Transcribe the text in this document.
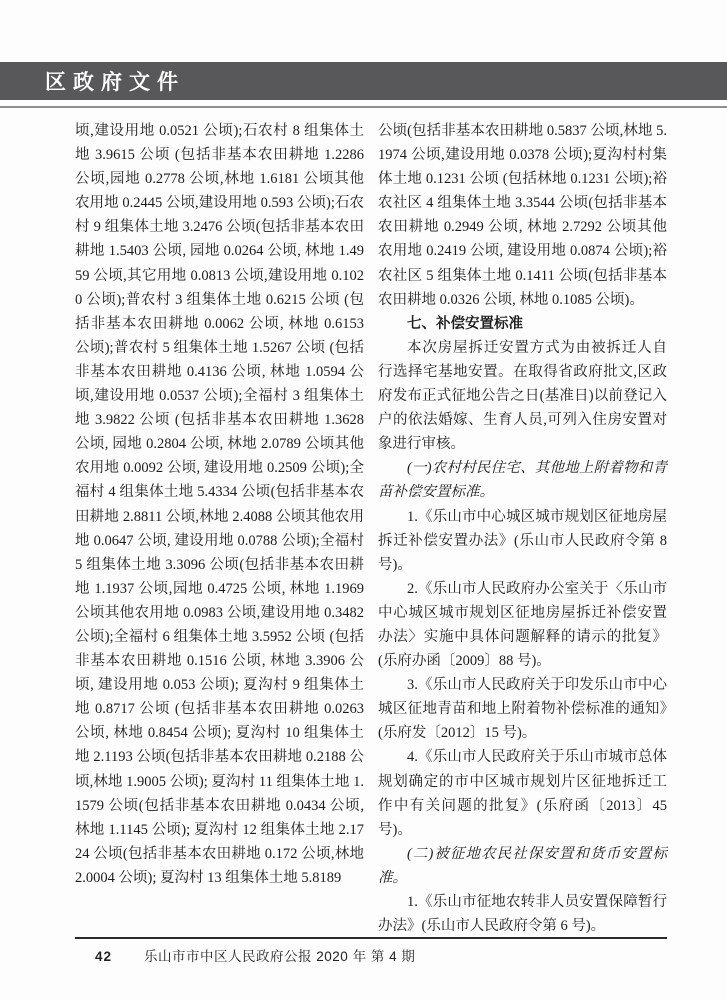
区政府文件

顷,建设用地 0.0521 公顷);石农村 8 组集体土地 3.9615 公顷 (包括非基本农田耕地 1.2286 公顷,园地 0.2778 公顷,林地 1.6181 公顷其他农用地 0.2445 公顷,建设用地 0.593 公顷);石农村 9 组集体土地 3.2476 公顷(包括非基本农田耕地 1.5403 公顷, 园地 0.0264 公顷, 林地 1.4959 公顷,其它用地 0.0813 公顷,建设用地 0.1020 公顷);普农村 3 组集体土地 0.6215 公顷 (包括非基本农田耕地 0.0062 公顷, 林地 0.6153 公顷);普农村 5 组集体土地 1.5267 公顷 (包括非基本农田耕地 0.4136 公顷, 林地 1.0594 公顷,建设用地 0.0537 公顷);全福村 3 组集体土地 3.9822 公顷 (包括非基本农田耕地 1.3628 公顷, 园地 0.2804 公顷, 林地 2.0789 公顷其他农用地 0.0092 公顷, 建设用地 0.2509 公顷);全福村 4 组集体土地 5.4334 公顷(包括非基本农田耕地 2.8811 公顷,林地 2.4088 公顷其他农用地 0.0647 公顷, 建设用地 0.0788 公顷);全福村 5 组集体土地 3.3096 公顷(包括非基本农田耕地 1.1937 公顷,园地 0.4725 公顷, 林地 1.1969 公顷其他农用地 0.0983 公顷,建设用地 0.3482 公顷);全福村 6 组集体土地 3.5952 公顷 (包括非基本农田耕地 0.1516 公顷, 林地 3.3906 公顷, 建设用地 0.053 公顷); 夏沟村 9 组集体土地 0.8717 公顷 (包括非基本农田耕地 0.0263 公顷, 林地 0.8454 公顷); 夏沟村 10 组集体土地 2.1193 公顷(包括非基本农田耕地 0.2188 公顷,林地 1.9005 公顷); 夏沟村 11 组集体土地 1.1579 公顷(包括非基本农田耕地 0.0434 公顷,林地 1.1145 公顷); 夏沟村 12 组集体土地 2.1724 公顷(包括非基本农田耕地 0.172 公顷,林地 2.0004 公顷); 夏沟村 13 组集体土地 5.8189

公顷(包括非基本农田耕地 0.5837 公顷,林地 5.1974 公顷,建设用地 0.0378 公顷);夏沟村村集体土地 0.1231 公顷 (包括林地 0.1231 公顷);裕农社区 4 组集体土地 3.3544 公顷(包括非基本农田耕地 0.2949 公顷, 林地 2.7292 公顷其他农用地 0.2419 公顷, 建设用地 0.0874 公顷);裕农社区 5 组集体土地 0.1411 公顷(包括非基本农田耕地 0.0326 公顷, 林地 0.1085 公顷)。

七、补偿安置标准

本次房屋拆迁安置方式为由被拆迁人自行选择宅基地安置。在取得省政府批文,区政府发布正式征地公告之日(基准日)以前登记入户的依法婚嫁、生育人员,可列入住房安置对象进行审核。

(一)农村村民住宅、其他地上附着物和青苗补偿安置标准。

1.《乐山市中心城区城市规划区征地房屋拆迁补偿安置办法》(乐山市人民政府令第 8 号)。

2.《乐山市人民政府办公室关于〈乐山市中心城区城市规划区征地房屋拆迁补偿安置办法〉实施中具体问题解释的请示的批复》(乐府办函〔2009〕88 号)。

3.《乐山市人民政府关于印发乐山市中心城区征地青苗和地上附着物补偿标准的通知》(乐府发〔2012〕15 号)。

4.《乐山市人民政府关于乐山市城市总体规划确定的市中区城市规划片区征地拆迁工作中有关问题的批复》(乐府函〔2013〕45 号)。

(二)被征地农民社保安置和货币安置标准。

1.《乐山市征地农转非人员安置保障暂行办法》(乐山市人民政府令第 6 号)。

42 乐山市市中区人民政府公报 2020 年 第 4 期
